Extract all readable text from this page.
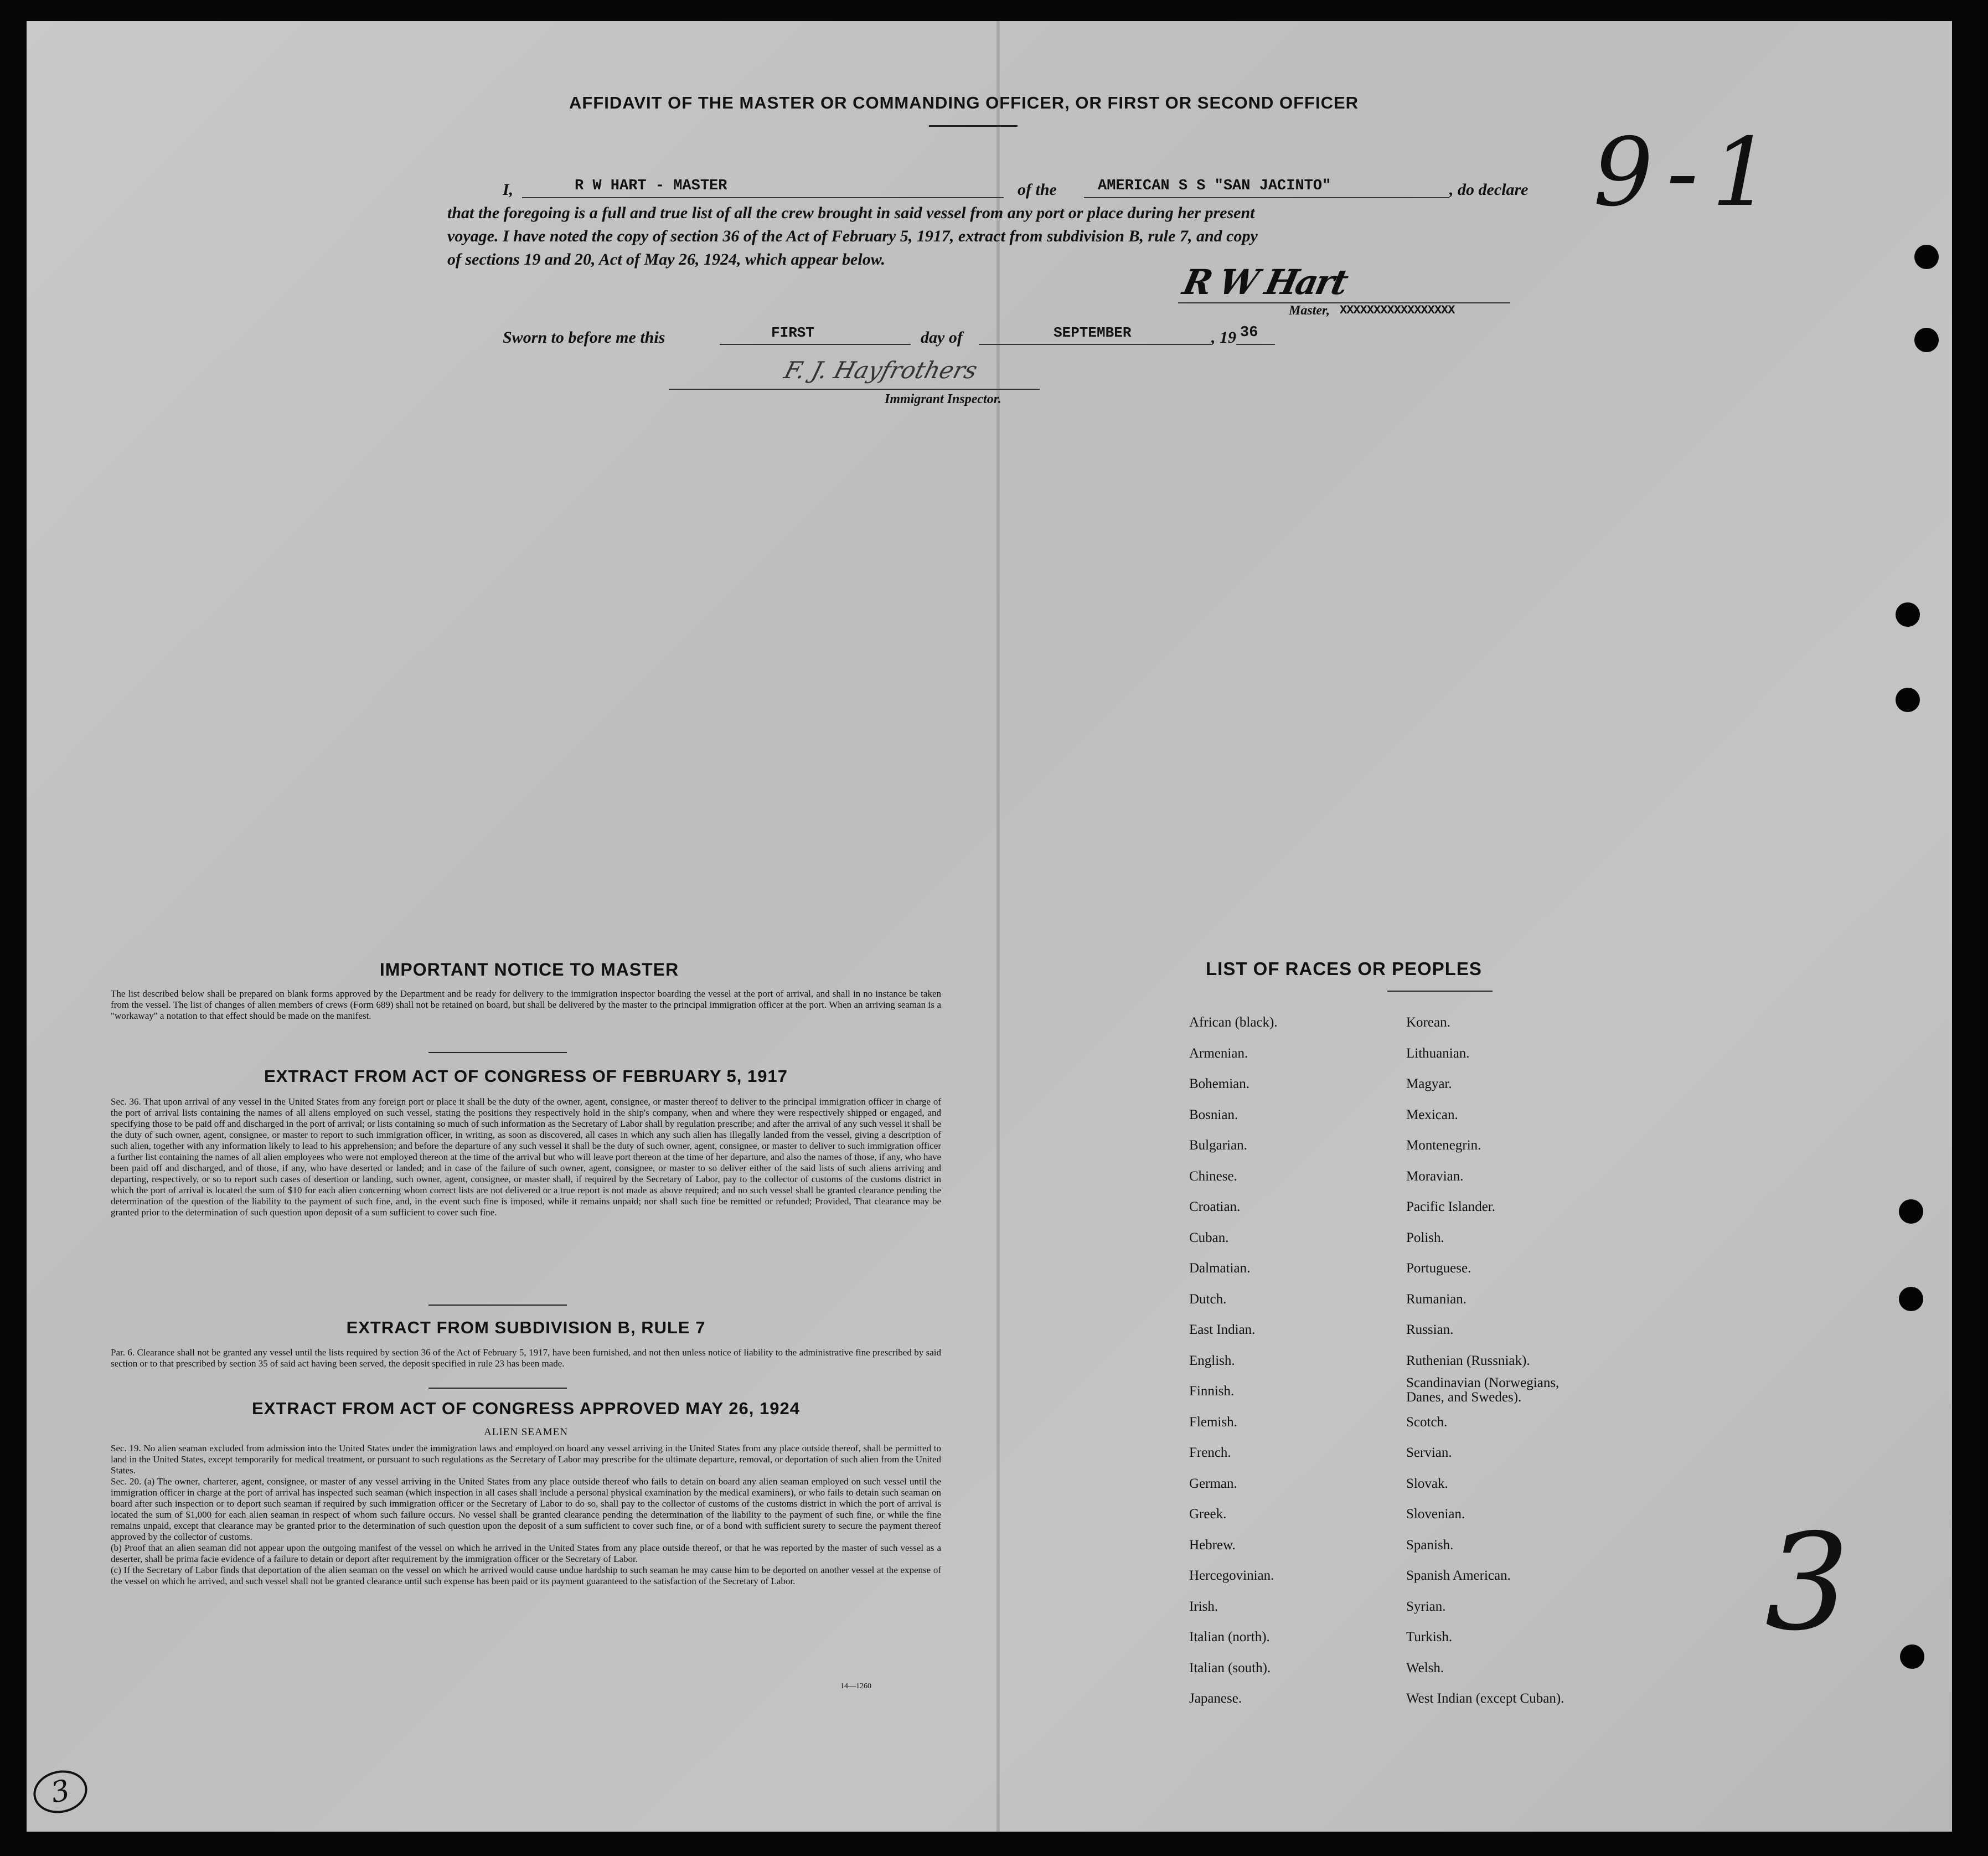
AFFIDAVIT OF THE MASTER OR COMMANDING OFFICER, OR FIRST OR SECOND OFFICER
I,	R W HART - MASTER	of the	AMERICAN S S "SAN JACINTO"	, do declare
that the foregoing is a full and true list of all the crew brought in said vessel from any port or place during her present
voyage. I have noted the copy of section 36 of the Act of February 5, 1917, extract from subdivision B, rule 7, and copy
of sections 19 and 20, Act of May 26, 1924, which appear below.
R W Hart
Master, XXXXXXXXXXXXXXXXX
Sworn to before me this	FIRST	day of	SEPTEMBER	, 19 36
F. J. Hayfrothers
Immigrant Inspector.
9-1
3
3
IMPORTANT NOTICE TO MASTER
The list described below shall be prepared on blank forms approved by the Department and be ready for delivery to the immigration inspector boarding the vessel at the port of arrival, and shall in no instance be taken from the vessel. The list of changes of alien members of crews (Form 689) shall not be retained on board, but shall be delivered by the master to the principal immigration officer at the port. When an arriving seaman is a "workaway" a notation to that effect should be made on the manifest.
EXTRACT FROM ACT OF CONGRESS OF FEBRUARY 5, 1917
Sec. 36. That upon arrival of any vessel in the United States from any foreign port or place it shall be the duty of the owner, agent, consignee, or master thereof to deliver to the principal immigration officer in charge of the port of arrival lists containing the names of all aliens employed on such vessel, stating the positions they respectively hold in the ship's company, when and where they were respectively shipped or engaged, and specifying those to be paid off and discharged in the port of arrival; or lists containing so much of such information as the Secretary of Labor shall by regulation prescribe; and after the arrival of any such vessel it shall be the duty of such owner, agent, consignee, or master to report to such immigration officer, in writing, as soon as discovered, all cases in which any such alien has illegally landed from the vessel, giving a description of such alien, together with any information likely to lead to his apprehension; and before the departure of any such vessel it shall be the duty of such owner, agent, consignee, or master to deliver to such immigration officer a further list containing the names of all alien employees who were not employed thereon at the time of the arrival but who will leave port thereon at the time of her departure, and also the names of those, if any, who have been paid off and discharged, and of those, if any, who have deserted or landed; and in case of the failure of such owner, agent, consignee, or master to so deliver either of the said lists of such aliens arriving and departing, respectively, or so to report such cases of desertion or landing, such owner, agent, consignee, or master shall, if required by the Secretary of Labor, pay to the collector of customs of the customs district in which the port of arrival is located the sum of $10 for each alien concerning whom correct lists are not delivered or a true report is not made as above required; and no such vessel shall be granted clearance pending the determination of the question of the liability to the payment of such fine, and, in the event such fine is imposed, while it remains unpaid; nor shall such fine be remitted or refunded; Provided, That clearance may be granted prior to the determination of such question upon deposit of a sum sufficient to cover such fine.
EXTRACT FROM SUBDIVISION B, RULE 7
Par. 6. Clearance shall not be granted any vessel until the lists required by section 36 of the Act of February 5, 1917, have been furnished, and not then unless notice of liability to the administrative fine prescribed by said section or to that prescribed by section 35 of said act having been served, the deposit specified in rule 23 has been made.
EXTRACT FROM ACT OF CONGRESS APPROVED MAY 26, 1924
ALIEN SEAMEN
Sec. 19. No alien seaman excluded from admission into the United States under the immigration laws and employed on board any vessel arriving in the United States from any place outside thereof, shall be permitted to land in the United States, except temporarily for medical treatment, or pursuant to such regulations as the Secretary of Labor may prescribe for the ultimate departure, removal, or deportation of such alien from the United States.
Sec. 20. (a) The owner, charterer, agent, consignee, or master of any vessel arriving in the United States from any place outside thereof who fails to detain on board any alien seaman employed on such vessel until the immigration officer in charge at the port of arrival has inspected such seaman (which inspection in all cases shall include a personal physical examination by the medical examiners), or who fails to detain such seaman on board after such inspection or to deport such seaman if required by such immigration officer or the Secretary of Labor to do so, shall pay to the collector of customs of the customs district in which the port of arrival is located the sum of $1,000 for each alien seaman in respect of whom such failure occurs. No vessel shall be granted clearance pending the determination of the liability to the payment of such fine, or while the fine remains unpaid, except that clearance may be granted prior to the determination of such question upon the deposit of a sum sufficient to cover such fine, or of a bond with sufficient surety to secure the payment thereof approved by the collector of customs.
(b) Proof that an alien seaman did not appear upon the outgoing manifest of the vessel on which he arrived in the United States from any place outside thereof, or that he was reported by the master of such vessel as a deserter, shall be prima facie evidence of a failure to detain or deport after requirement by the immigration officer or the Secretary of Labor.
(c) If the Secretary of Labor finds that deportation of the alien seaman on the vessel on which he arrived would cause undue hardship to such seaman he may cause him to be deported on another vessel at the expense of the vessel on which he arrived, and such vessel shall not be granted clearance until such expense has been paid or its payment guaranteed to the satisfaction of the Secretary of Labor.
14—1260
LIST OF RACES OR PEOPLES
African (black).
Armenian.
Bohemian.
Bosnian.
Bulgarian.
Chinese.
Croatian.
Cuban.
Dalmatian.
Dutch.
East Indian.
English.
Finnish.
Flemish.
French.
German.
Greek.
Hebrew.
Hercegovinian.
Irish.
Italian (north).
Italian (south).
Japanese.
Korean.
Lithuanian.
Magyar.
Mexican.
Montenegrin.
Moravian.
Pacific Islander.
Polish.
Portuguese.
Rumanian.
Russian.
Ruthenian (Russniak).
Scandinavian (Norwegians, Danes, and Swedes).
Scotch.
Servian.
Slovak.
Slovenian.
Spanish.
Spanish American.
Syrian.
Turkish.
Welsh.
West Indian (except Cuban).
